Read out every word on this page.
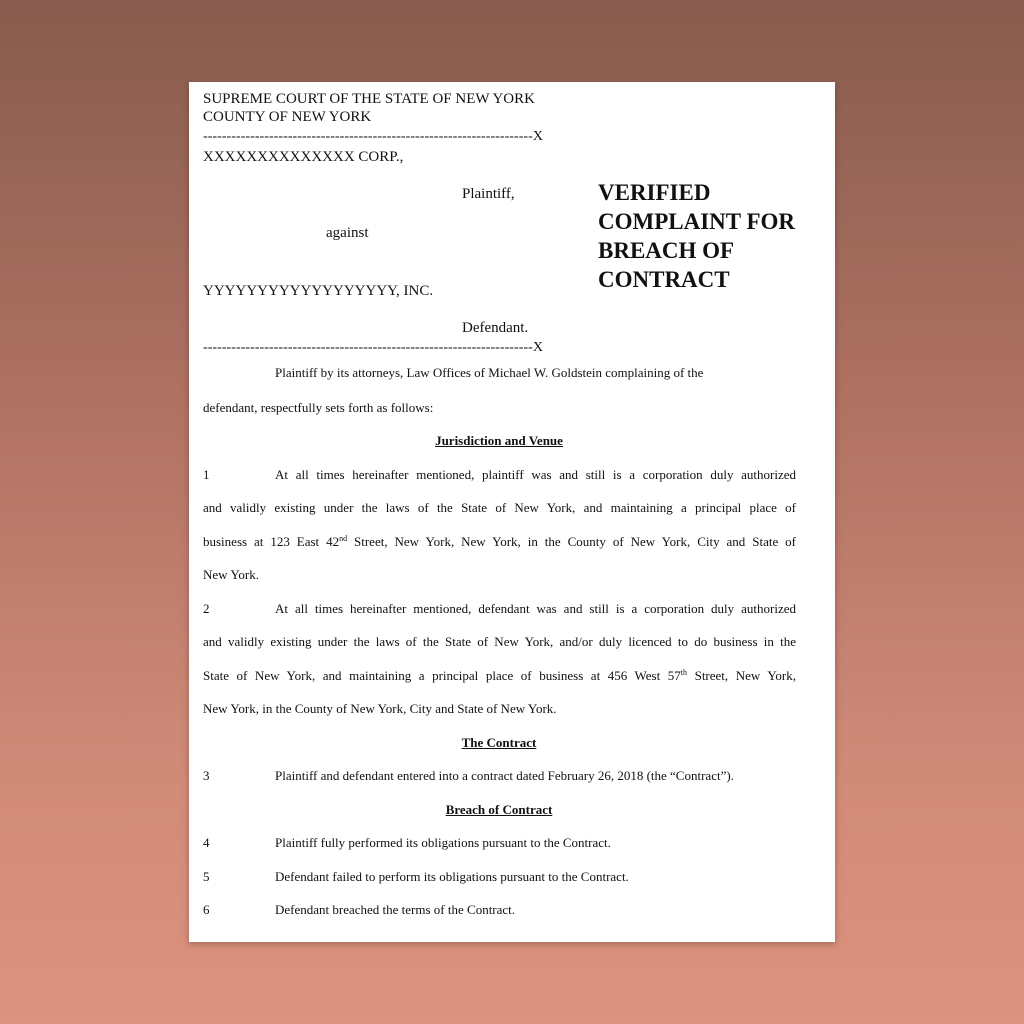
SUPREME COURT OF THE STATE OF NEW YORK
COUNTY OF NEW YORK
----------------------------------------------------------------------X
XXXXXXXXXXXXXX CORP.,
Plaintiff,
against
YYYYYYYYYYYYYYYYYY, INC.
Defendant.
----------------------------------------------------------------------X
VERIFIED
COMPLAINT FOR
BREACH OF
CONTRACT
Plaintiff by its attorneys, Law Offices of Michael W. Goldstein complaining of the
defendant, respectfully sets forth as follows:
Jurisdiction and Venue
1	At all times hereinafter mentioned, plaintiff was and still is a corporation duly authorized
and validly existing under the laws of the State of New York, and maintaining a principal place of
business at 123 East 42nd Street, New York, New York, in the County of New York, City and State of
New York.
2	At all times hereinafter mentioned, defendant was and still is a corporation duly authorized
and validly existing under the laws of the State of New York, and/or duly licenced to do business in the
State of New York, and maintaining a principal place of business at 456 West 57th Street, New York,
New York, in the County of New York, City and State of New York.
The Contract
3	Plaintiff and defendant entered into a contract dated February 26, 2018 (the “Contract”).
Breach of Contract
4	Plaintiff fully performed its obligations pursuant to the Contract.
5	Defendant failed to perform its obligations pursuant to the Contract.
6	Defendant breached the terms of the Contract.
